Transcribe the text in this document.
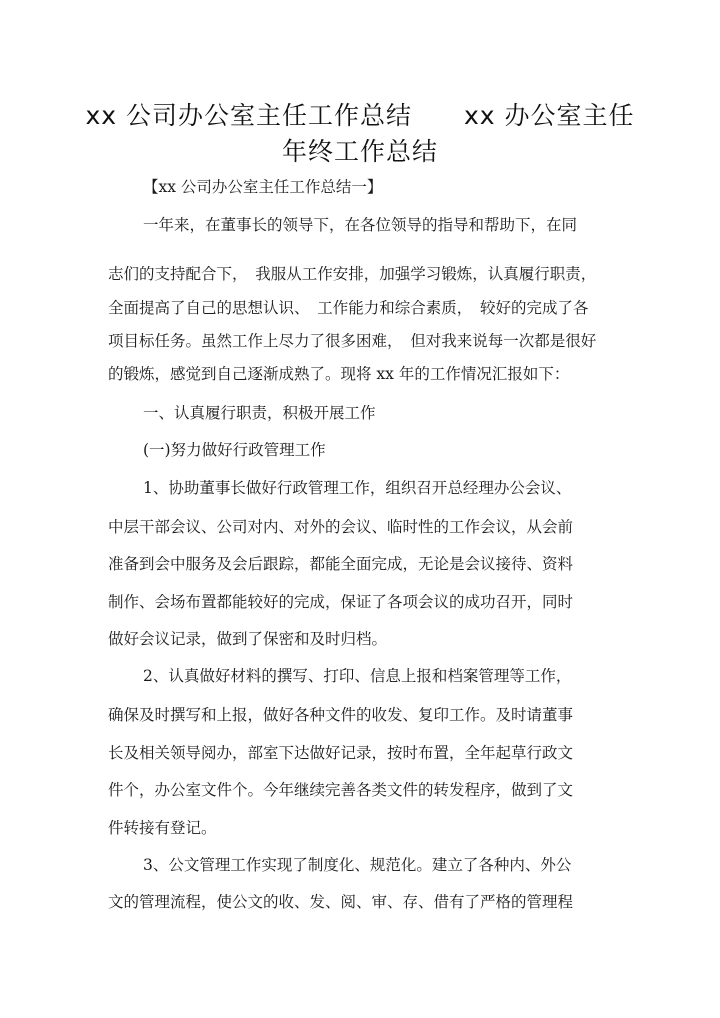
xx 公司办公室主任工作总结　　xx 办公室主任
年终工作总结
【xx 公司办公室主任工作总结一】
一年来，在董事长的领导下，在各位领导的指导和帮助下，在同
志们的支持配合下，　我服从工作安排，加强学习锻炼，认真履行职责，
全面提高了自己的思想认识、　工作能力和综合素质，　较好的完成了各
项目标任务。虽然工作上尽力了很多困难，　但对我来说每一次都是很好
的锻炼，感觉到自己逐渐成熟了。现将 xx 年的工作情况汇报如下：
一、认真履行职责，积极开展工作
(一)努力做好行政管理工作
1、协助董事长做好行政管理工作，组织召开总经理办公会议、
中层干部会议、公司对内、对外的会议、临时性的工作会议，从会前
准备到会中服务及会后跟踪，都能全面完成，无论是会议接待、资料
制作、会场布置都能较好的完成，保证了各项会议的成功召开，同时
做好会议记录，做到了保密和及时归档。
2、认真做好材料的撰写、打印、信息上报和档案管理等工作，
确保及时撰写和上报，做好各种文件的收发、复印工作。及时请董事
长及相关领导阅办，部室下达做好记录，按时布置，全年起草行政文
件个，办公室文件个。今年继续完善各类文件的转发程序，做到了文
件转接有登记。
3、公文管理工作实现了制度化、规范化。建立了各种内、外公
文的管理流程，使公文的收、发、阅、审、存、借有了严格的管理程
